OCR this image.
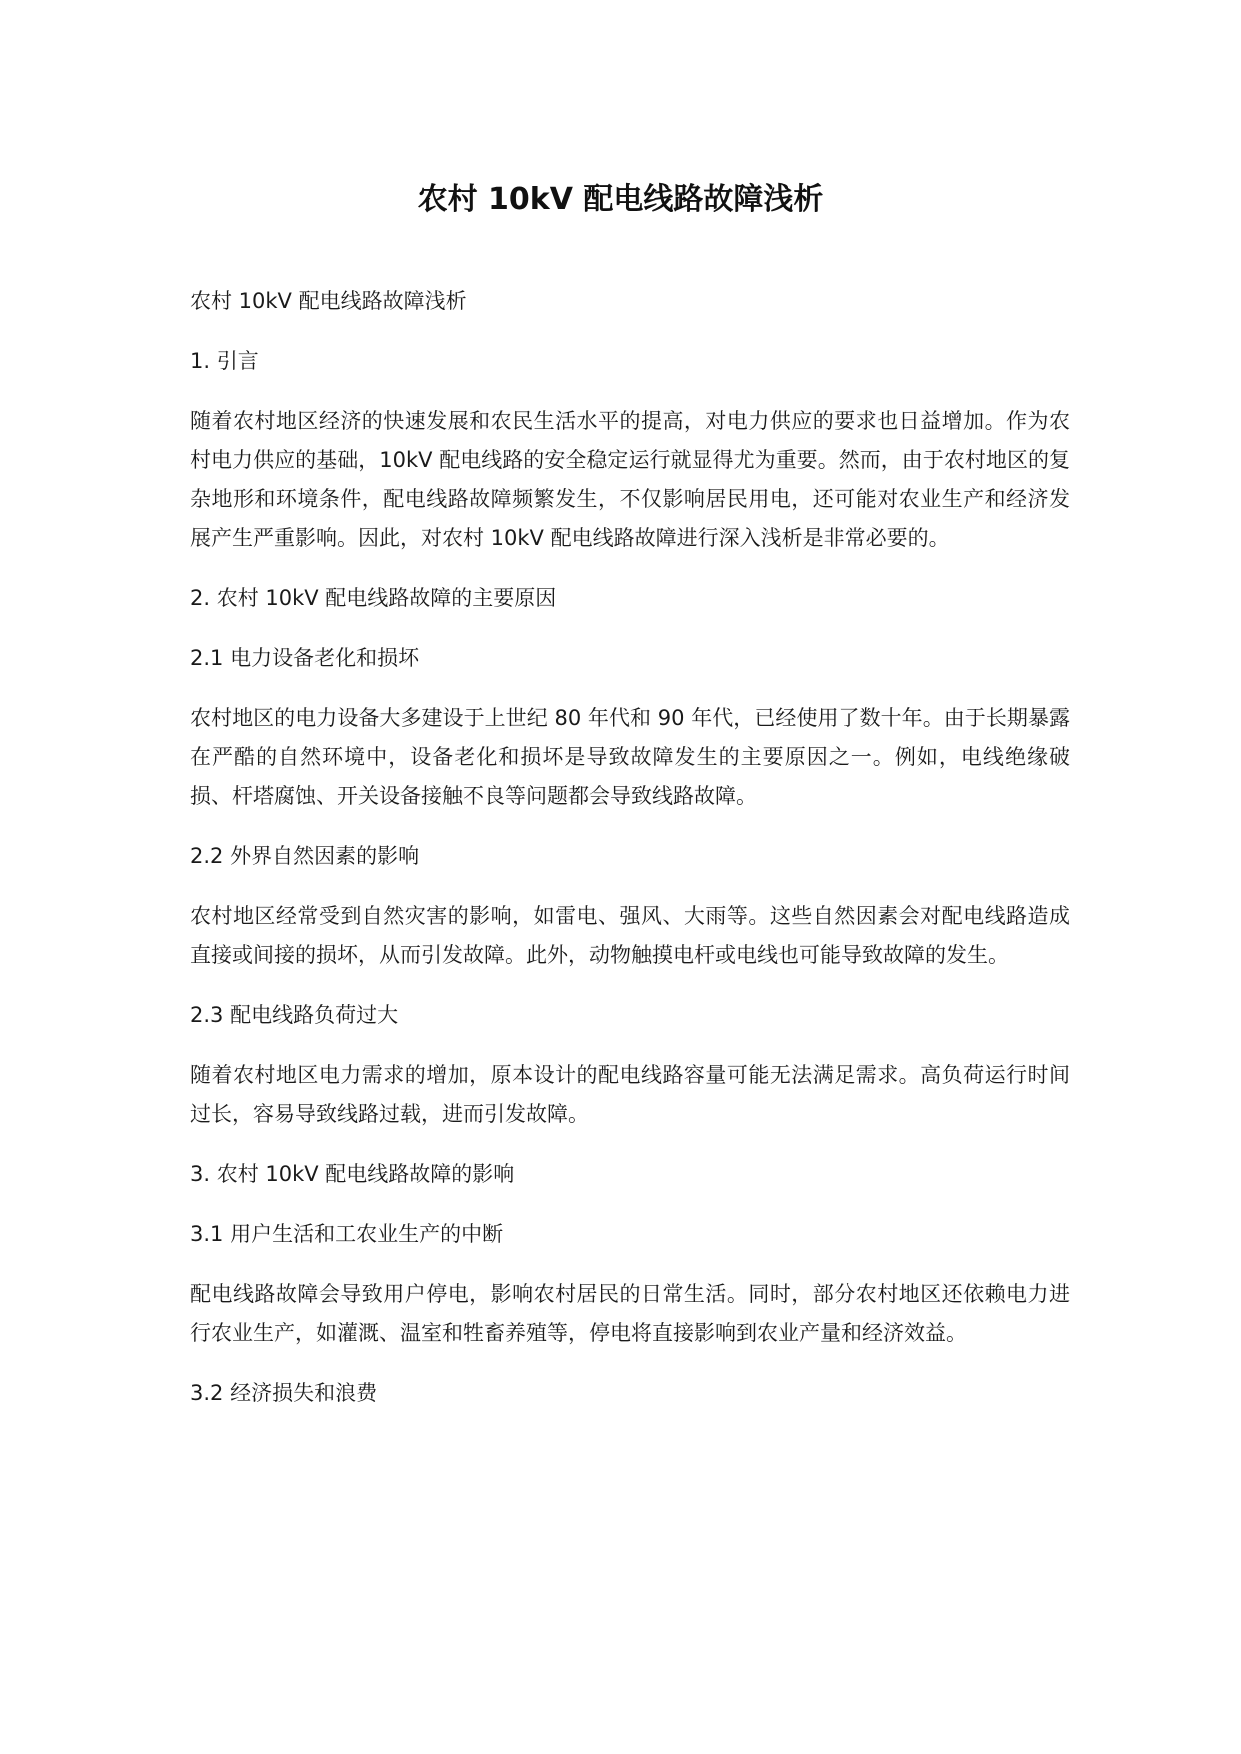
农村 10kV 配电线路故障浅析

农村 10kV 配电线路故障浅析

1. 引言

随着农村地区经济的快速发展和农民生活水平的提高，对电力供应的要求也日益增加。作为农村电力供应的基础，10kV 配电线路的安全稳定运行就显得尤为重要。然而，由于农村地区的复杂地形和环境条件，配电线路故障频繁发生，不仅影响居民用电，还可能对农业生产和经济发展产生严重影响。因此，对农村 10kV 配电线路故障进行深入浅析是非常必要的。

2. 农村 10kV 配电线路故障的主要原因

2.1 电力设备老化和损坏

农村地区的电力设备大多建设于上世纪 80 年代和 90 年代，已经使用了数十年。由于长期暴露在严酷的自然环境中，设备老化和损坏是导致故障发生的主要原因之一。例如，电线绝缘破损、杆塔腐蚀、开关设备接触不良等问题都会导致线路故障。

2.2 外界自然因素的影响

农村地区经常受到自然灾害的影响，如雷电、强风、大雨等。这些自然因素会对配电线路造成直接或间接的损坏，从而引发故障。此外，动物触摸电杆或电线也可能导致故障的发生。

2.3 配电线路负荷过大

随着农村地区电力需求的增加，原本设计的配电线路容量可能无法满足需求。高负荷运行时间过长，容易导致线路过载，进而引发故障。

3. 农村 10kV 配电线路故障的影响

3.1 用户生活和工农业生产的中断

配电线路故障会导致用户停电，影响农村居民的日常生活。同时，部分农村地区还依赖电力进行农业生产，如灌溉、温室和牲畜养殖等，停电将直接影响到农业产量和经济效益。

3.2 经济损失和浪费
